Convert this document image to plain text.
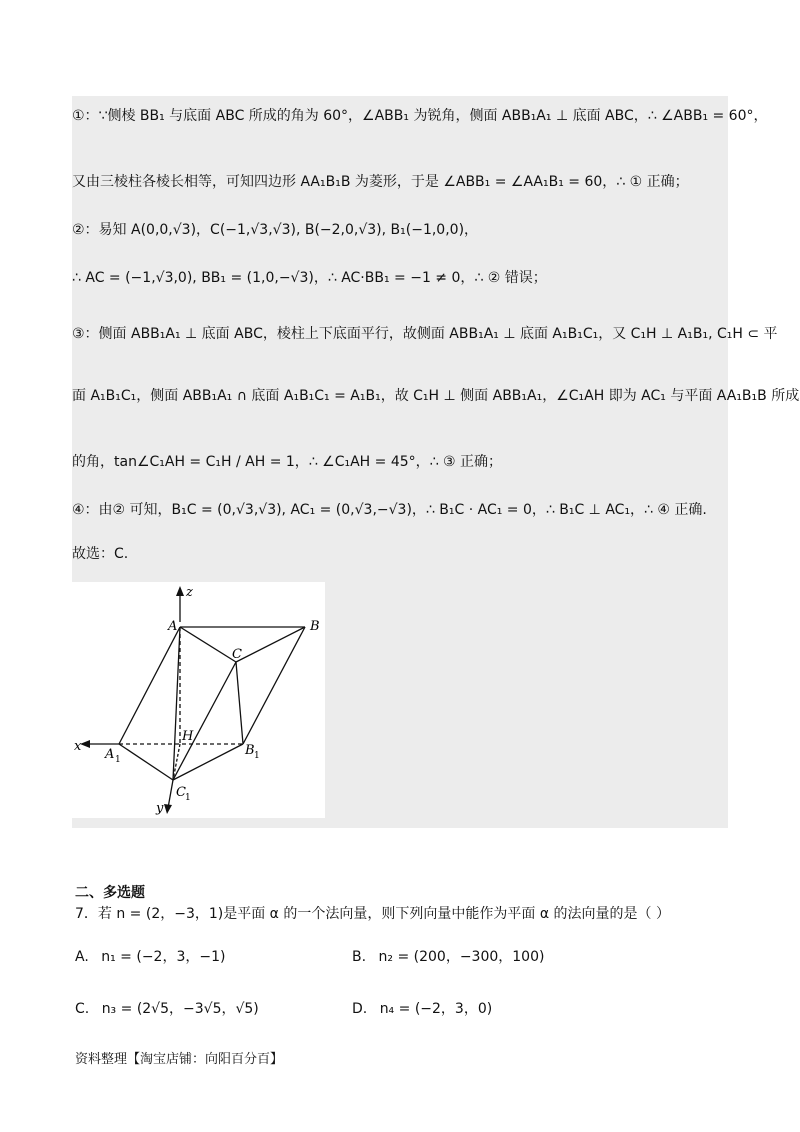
①：∵侧棱 BB₁ 与底面 ABC 所成的角为 60°，∠ABB₁ 为锐角，侧面 ABB₁A₁ ⊥ 底面 ABC，∴ ∠ABB₁ = 60°，
又由三棱柱各棱长相等，可知四边形 AA₁B₁B 为菱形，于是 ∠ABB₁ = ∠AA₁B₁ = 60，∴ ① 正确；
②：易知 A(0,0,√3)，C(−1,√3,√3), B(−2,0,√3), B₁(−1,0,0)，
∴ AC = (−1,√3,0), BB₁ = (1,0,−√3)，∴ AC·BB₁ = −1 ≠ 0，∴ ② 错误；
③：侧面 ABB₁A₁ ⊥ 底面 ABC，棱柱上下底面平行，故侧面 ABB₁A₁ ⊥ 底面 A₁B₁C₁，又 C₁H ⊥ A₁B₁, C₁H ⊂ 平
面 A₁B₁C₁，侧面 ABB₁A₁ ∩ 底面 A₁B₁C₁ = A₁B₁，故 C₁H ⊥ 侧面 ABB₁A₁，∠C₁AH 即为 AC₁ 与平面 AA₁B₁B 所成
的角，tan∠C₁AH = C₁H / AH = 1，∴ ∠C₁AH = 45°，∴ ③ 正确；
④：由② 可知，B₁C = (0,√3,√3), AC₁ = (0,√3,−√3)，∴ B₁C · AC₁ = 0，∴ B₁C ⊥ AC₁，∴ ④ 正确.
故选：C.
z
x
y
A	B
C
H
A 1
B 1
C 1
二、多选题
7．若 n = (2，−3，1)是平面 α 的一个法向量，则下列向量中能作为平面 α 的法向量的是（ ）
A. n₁ = (−2，3，−1)	B. n₂ = (200，−300，100)
C. n₃ = (2√5，−3√5，√5)	D. n₄ = (−2，3，0)
资料整理【淘宝店铺：向阳百分百】
